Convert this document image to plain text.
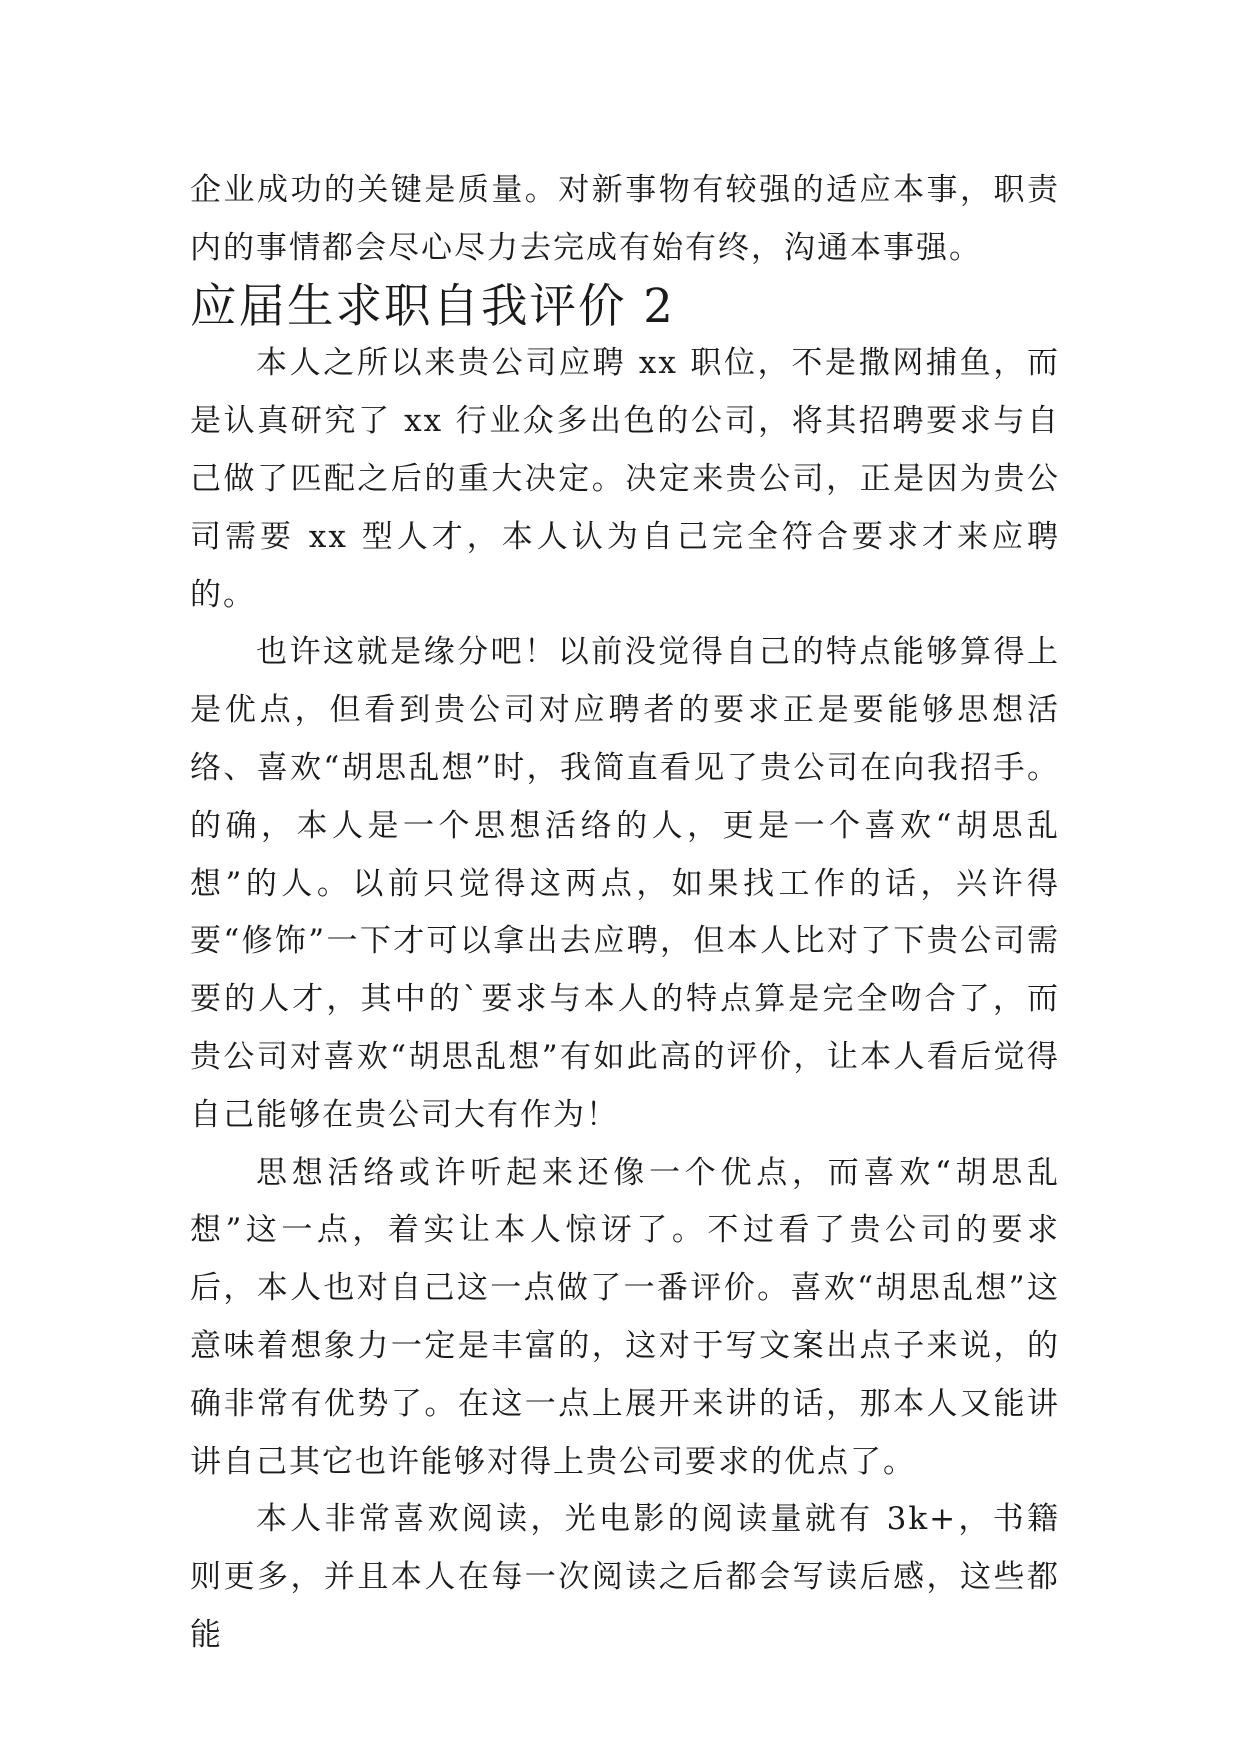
企业成功的关键是质量。对新事物有较强的适应本事，职责内的事情都会尽心尽力去完成有始有终，沟通本事强。

应届生求职自我评价 2

本人之所以来贵公司应聘 xx 职位，不是撒网捕鱼，而是认真研究了 xx 行业众多出色的公司，将其招聘要求与自己做了匹配之后的重大决定。决定来贵公司，正是因为贵公司需要 xx 型人才，本人认为自己完全符合要求才来应聘的。

也许这就是缘分吧！以前没觉得自己的特点能够算得上是优点，但看到贵公司对应聘者的要求正是要能够思想活络、喜欢“胡思乱想”时，我简直看见了贵公司在向我招手。的确，本人是一个思想活络的人，更是一个喜欢“胡思乱想”的人。以前只觉得这两点，如果找工作的话，兴许得要“修饰”一下才可以拿出去应聘，但本人比对了下贵公司需要的人才，其中的`要求与本人的特点算是完全吻合了，而贵公司对喜欢“胡思乱想”有如此高的评价，让本人看后觉得自己能够在贵公司大有作为！

思想活络或许听起来还像一个优点，而喜欢“胡思乱想”这一点，着实让本人惊讶了。不过看了贵公司的要求后，本人也对自己这一点做了一番评价。喜欢“胡思乱想”这意味着想象力一定是丰富的，这对于写文案出点子来说，的确非常有优势了。在这一点上展开来讲的话，那本人又能讲讲自己其它也许能够对得上贵公司要求的优点了。

本人非常喜欢阅读，光电影的阅读量就有 3k+，书籍则更多，并且本人在每一次阅读之后都会写读后感，这些都能
